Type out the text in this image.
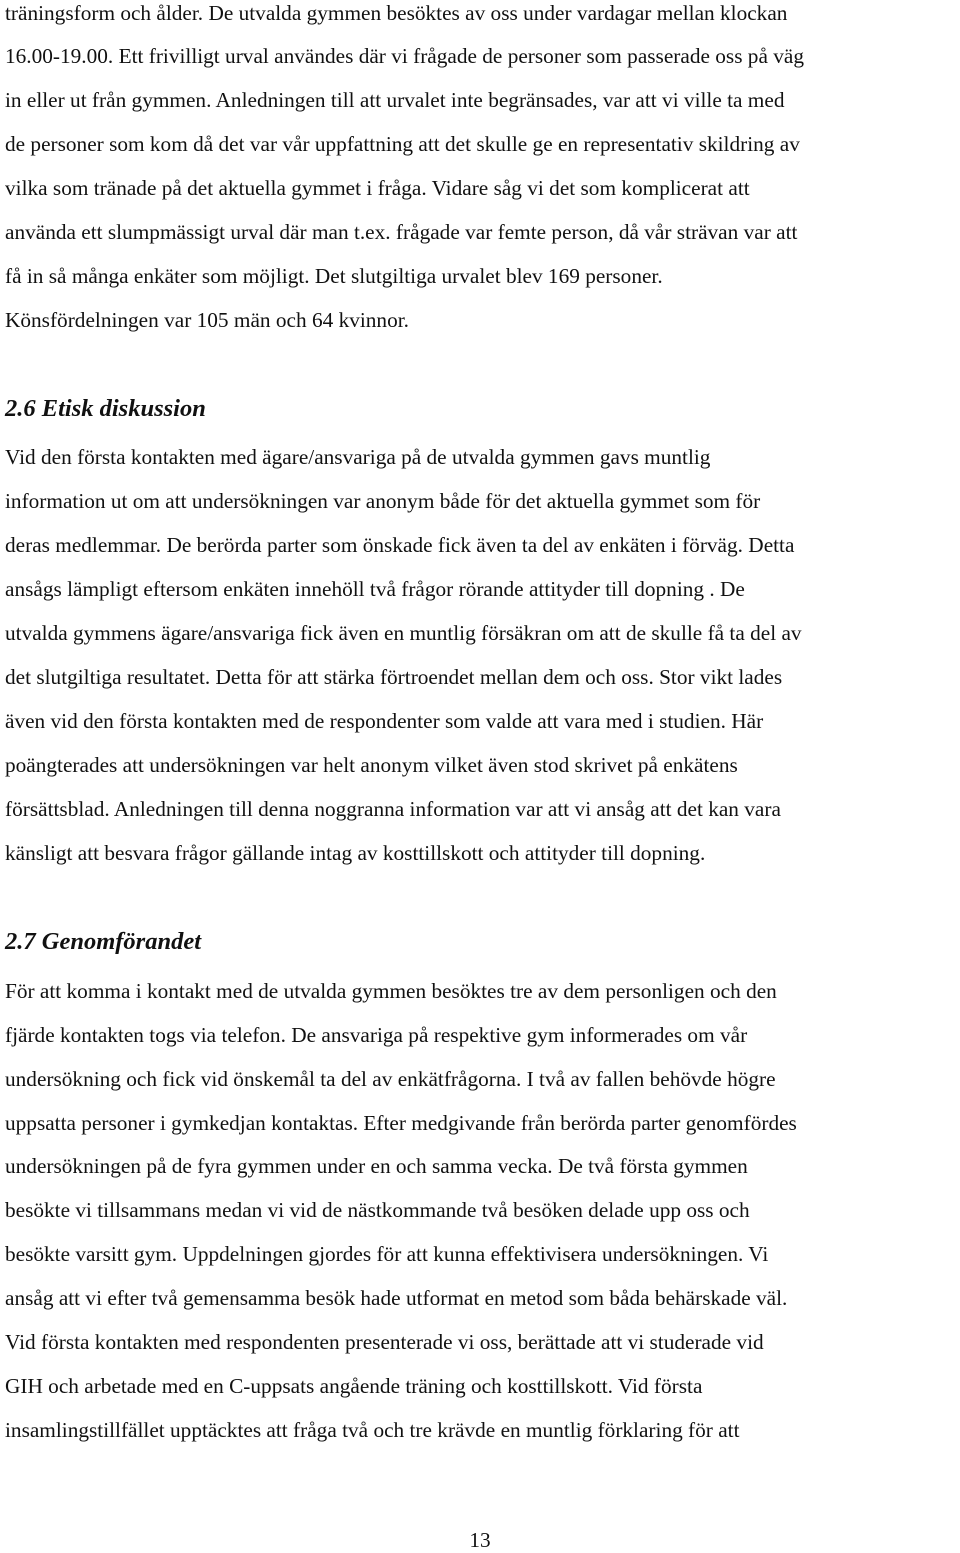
träningsform och ålder. De utvalda gymmen besöktes av oss under vardagar mellan klockan
16.00-19.00. Ett frivilligt urval användes där vi frågade de personer som passerade oss på väg
in eller ut från gymmen. Anledningen till att urvalet inte begränsades, var att vi ville ta med
de personer som kom då det var vår uppfattning att det skulle ge en representativ skildring av
vilka som tränade på det aktuella gymmet i fråga. Vidare såg vi det som komplicerat att
använda ett slumpmässigt urval där man t.ex. frågade var femte person, då vår strävan var att
få in så många enkäter som möjligt. Det slutgiltiga urvalet blev 169 personer.
Könsfördelningen var 105 män och 64 kvinnor.
2.6 Etisk diskussion
Vid den första kontakten med ägare/ansvariga på de utvalda gymmen gavs muntlig
information ut om att undersökningen var anonym både för det aktuella gymmet som för
deras medlemmar. De berörda parter som önskade fick även ta del av enkäten i förväg. Detta
ansågs lämpligt eftersom enkäten innehöll två frågor rörande attityder till dopning . De
utvalda gymmens ägare/ansvariga fick även en muntlig försäkran om att de skulle få ta del av
det slutgiltiga resultatet. Detta för att stärka förtroendet mellan dem och oss. Stor vikt lades
även vid den första kontakten med de respondenter som valde att vara med i studien. Här
poängterades att undersökningen var helt anonym vilket även stod skrivet på enkätens
försättsblad. Anledningen till denna noggranna information var att vi ansåg att det kan vara
känsligt att besvara frågor gällande intag av kosttillskott och attityder till dopning.
2.7 Genomförandet
För att komma i kontakt med de utvalda gymmen besöktes tre av dem personligen och den
fjärde kontakten togs via telefon. De ansvariga på respektive gym informerades om vår
undersökning och fick vid önskemål ta del av enkätfrågorna. I två av fallen behövde högre
uppsatta personer i gymkedjan kontaktas. Efter medgivande från berörda parter genomfördes
undersökningen på de fyra gymmen under en och samma vecka. De två första gymmen
besökte vi tillsammans medan vi vid de nästkommande två besöken delade upp oss och
besökte varsitt gym. Uppdelningen gjordes för att kunna effektivisera undersökningen. Vi
ansåg att vi efter två gemensamma besök hade utformat en metod som båda behärskade väl.
Vid första kontakten med respondenten presenterade vi oss, berättade att vi studerade vid
GIH och arbetade med en C-uppsats angående träning och kosttillskott. Vid första
insamlingstillfället upptäcktes att fråga två och tre krävde en muntlig förklaring för att
13
